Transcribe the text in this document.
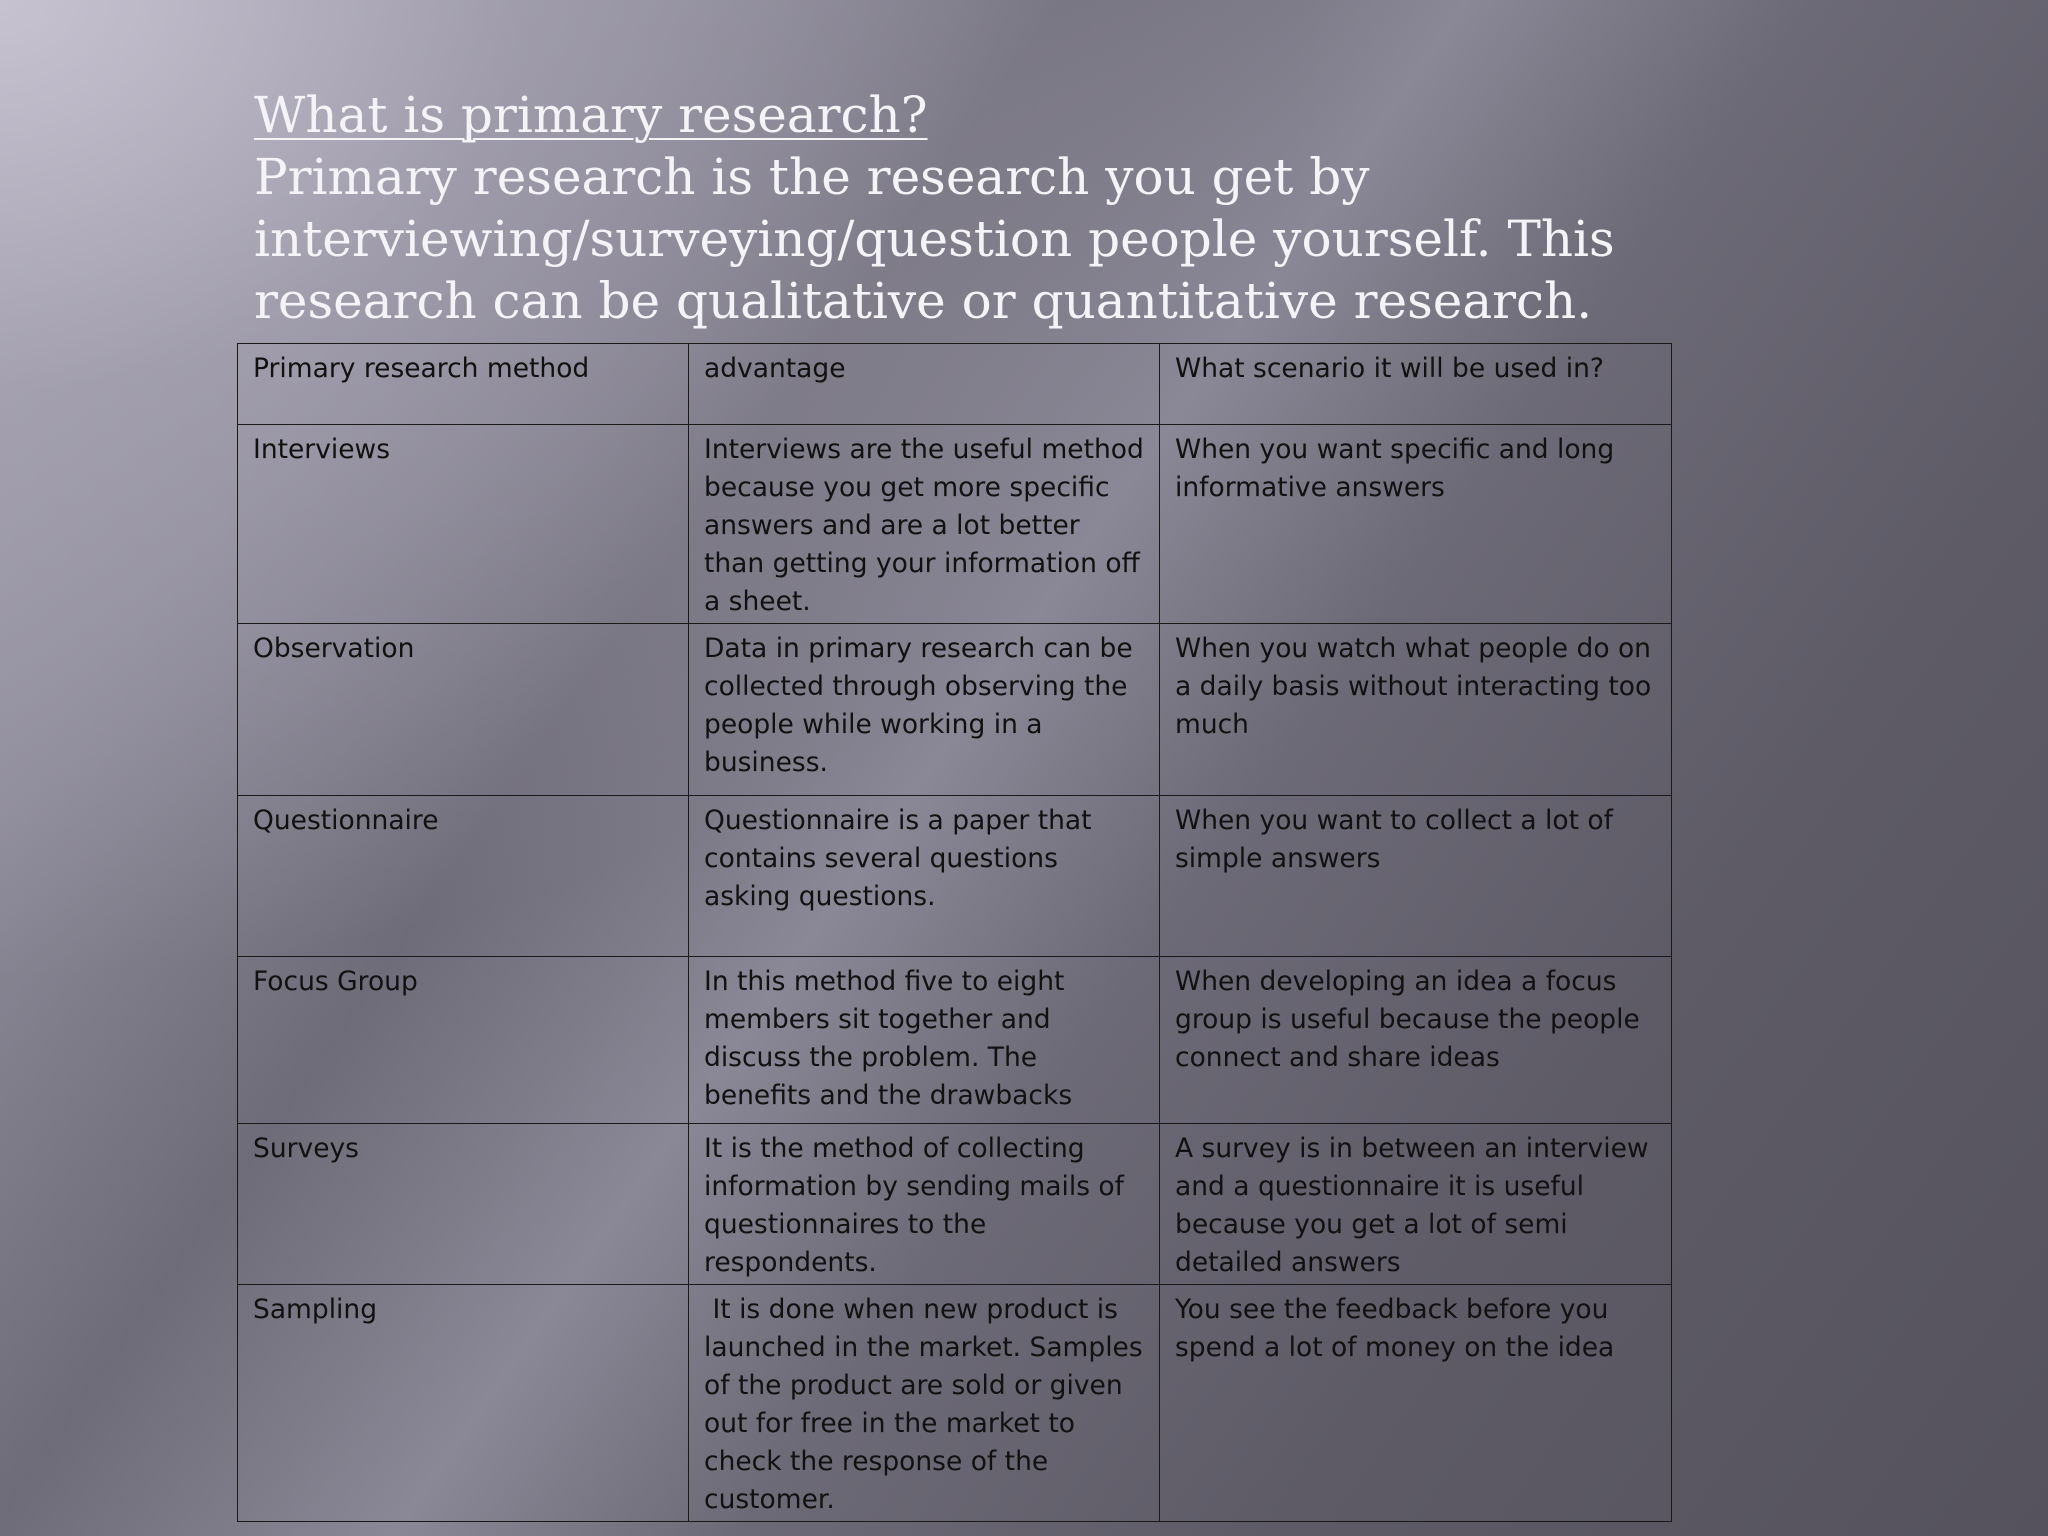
What is primary research?
Primary research is the research you get by interviewing/surveying/question people yourself. This research can be qualitative or quantitative research.
Primary research method	advantage	What scenario it will be used in?
Interviews	Interviews are the useful method because you get more specific answers and are a lot better than getting your information off a sheet.	When you want specific and long informative answers
Observation	Data in primary research can be collected through observing the people while working in a business.	When you watch what people do on a daily basis without interacting too much
Questionnaire	Questionnaire is a paper that contains several questions asking questions.	When you want to collect a lot of simple answers
Focus Group	In this method five to eight members sit together and discuss the problem. The benefits and the drawbacks	When developing an idea a focus group is useful because the people connect and share ideas
Surveys	It is the method of collecting information by sending mails of questionnaires to the respondents.	A survey is in between an interview and a questionnaire it is useful because you get a lot of semi detailed answers
Sampling	It is done when new product is launched in the market. Samples of the product are sold or given out for free in the market to check the response of the customer.	You see the feedback before you spend a lot of money on the idea
